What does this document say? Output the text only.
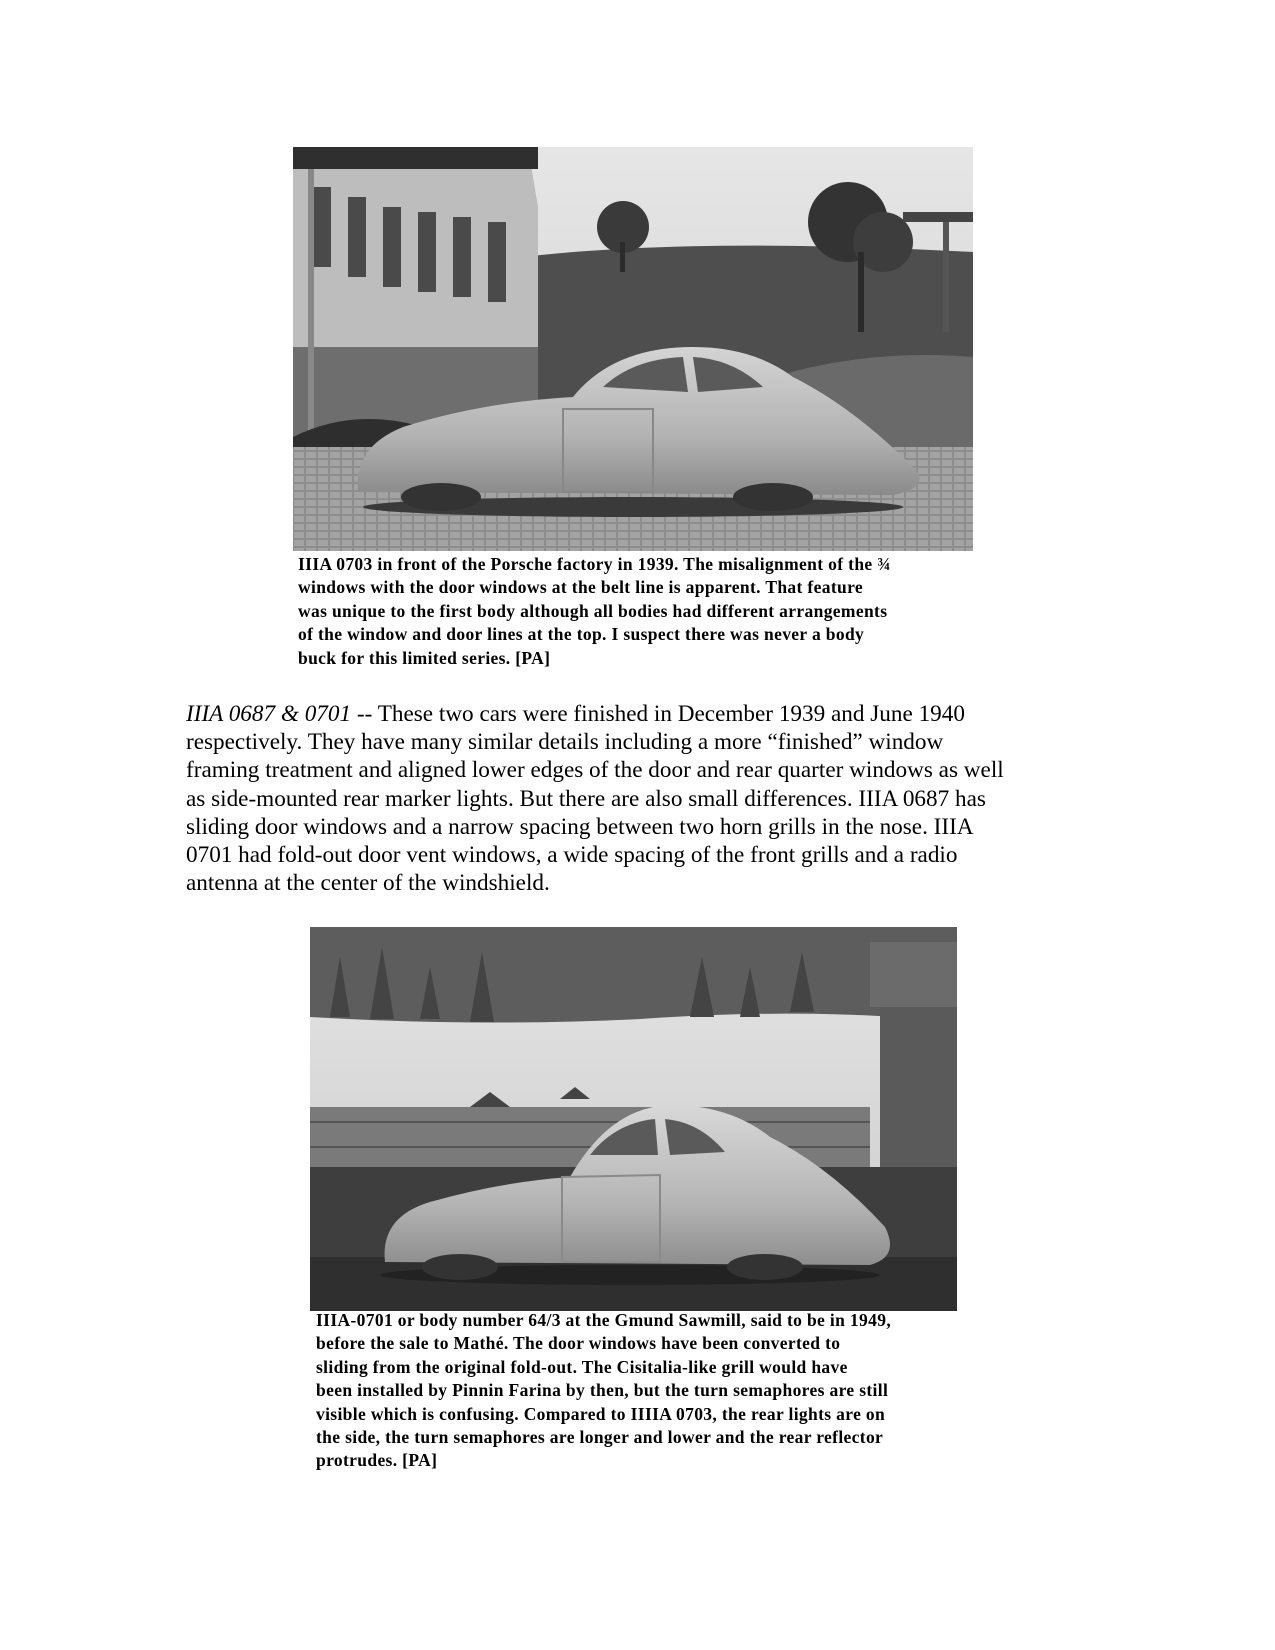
IIIA 0703 in front of the Porsche factory in 1939. The misalignment of the ¾
windows with the door windows at the belt line is apparent. That feature
was unique to the first body although all bodies had different arrangements
of the window and door lines at the top. I suspect there was never a body
buck for this limited series. [PA]

IIIA 0687 & 0701 -- These two cars were finished in December 1939 and June 1940
respectively. They have many similar details including a more “finished” window
framing treatment and aligned lower edges of the door and rear quarter windows as well
as side-mounted rear marker lights. But there are also small differences. IIIA 0687 has
sliding door windows and a narrow spacing between two horn grills in the nose. IIIA
0701 had fold-out door vent windows, a wide spacing of the front grills and a radio
antenna at the center of the windshield.

IIIA-0701 or body number 64/3 at the Gmund Sawmill, said to be in 1949,
before the sale to Mathé. The door windows have been converted to
sliding from the original fold-out. The Cisitalia-like grill would have
been installed by Pinnin Farina by then, but the turn semaphores are still
visible which is confusing. Compared to IIIIA 0703, the rear lights are on
the side, the turn semaphores are longer and lower and the rear reflector
protrudes. [PA]
